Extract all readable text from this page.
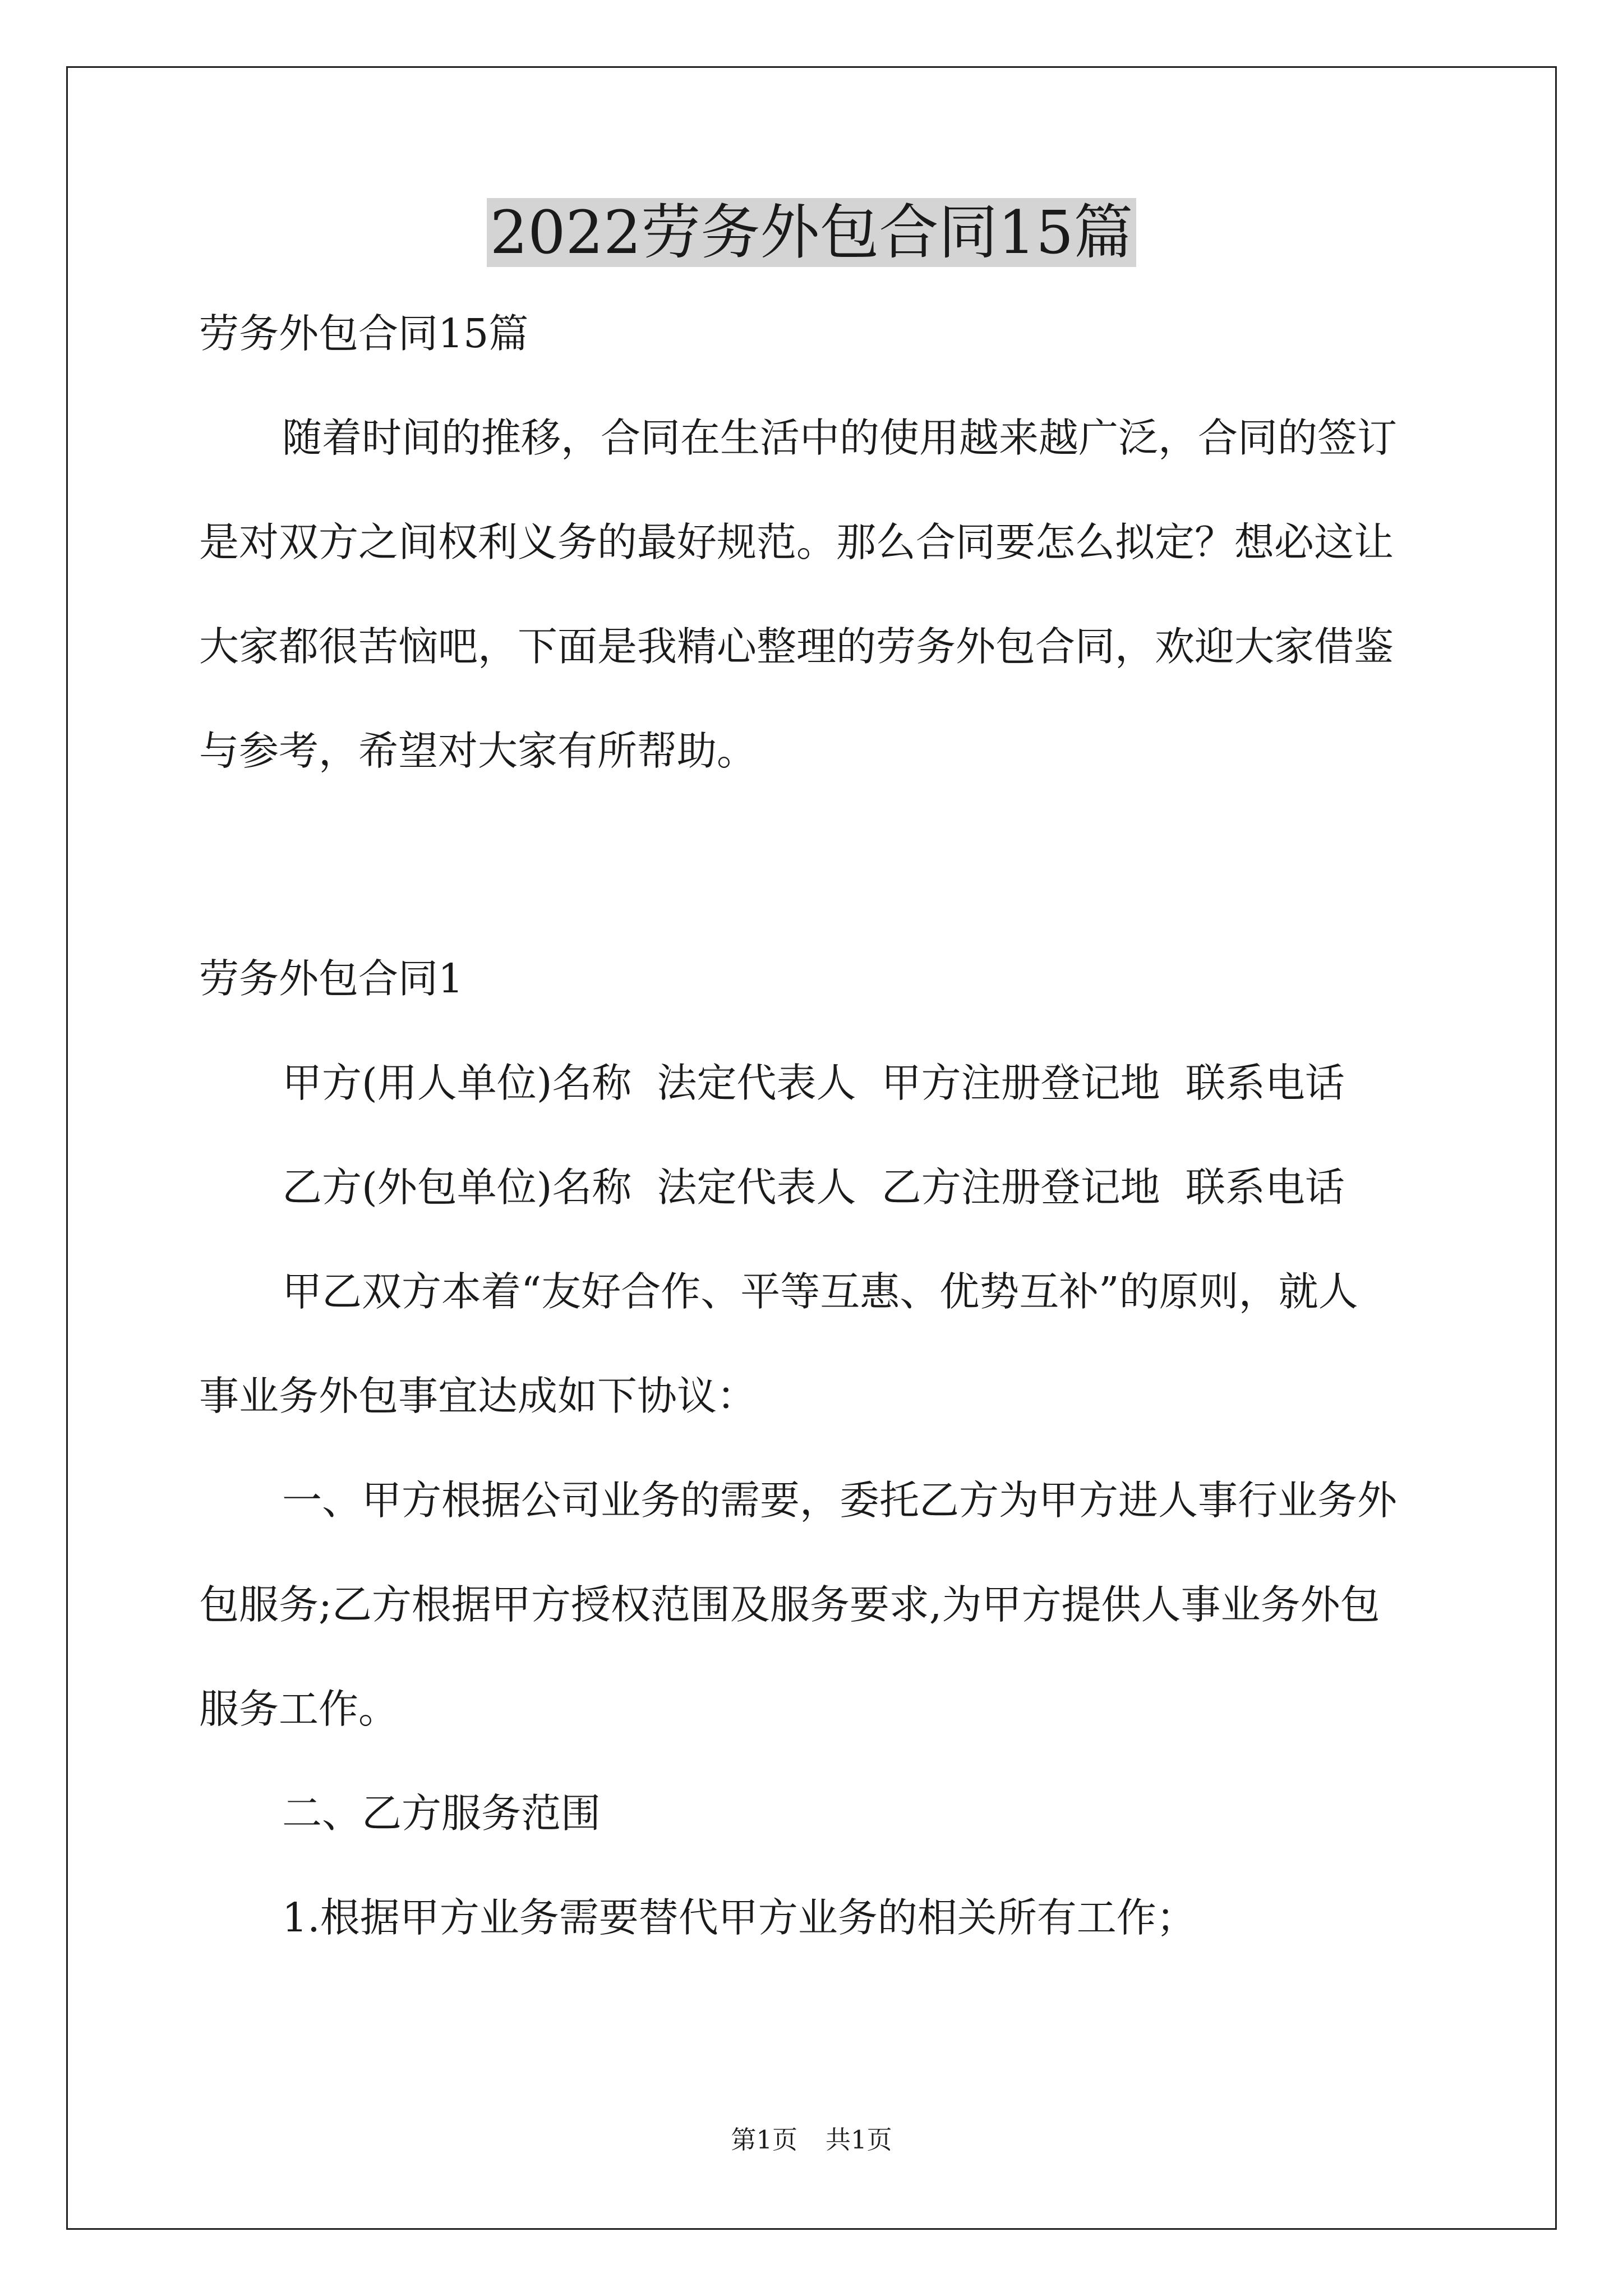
2022劳务外包合同15篇
劳务外包合同15篇
随着时间的推移，合同在生活中的使用越来越广泛，合同的签订
是对双方之间权利义务的最好规范。那么合同要怎么拟定？想必这让
大家都很苦恼吧，下面是我精心整理的劳务外包合同，欢迎大家借鉴
与参考，希望对大家有所帮助。
劳务外包合同1
甲方(用人单位)名称  法定代表人  甲方注册登记地  联系电话
乙方(外包单位)名称  法定代表人  乙方注册登记地  联系电话
甲乙双方本着“友好合作、平等互惠、优势互补”的原则，就人
事业务外包事宜达成如下协议：
一、甲方根据公司业务的需要，委托乙方为甲方进人事行业务外
包服务;乙方根据甲方授权范围及服务要求,为甲方提供人事业务外包
服务工作。
二、乙方服务范围
1.根据甲方业务需要替代甲方业务的相关所有工作；
第1页 共1页
